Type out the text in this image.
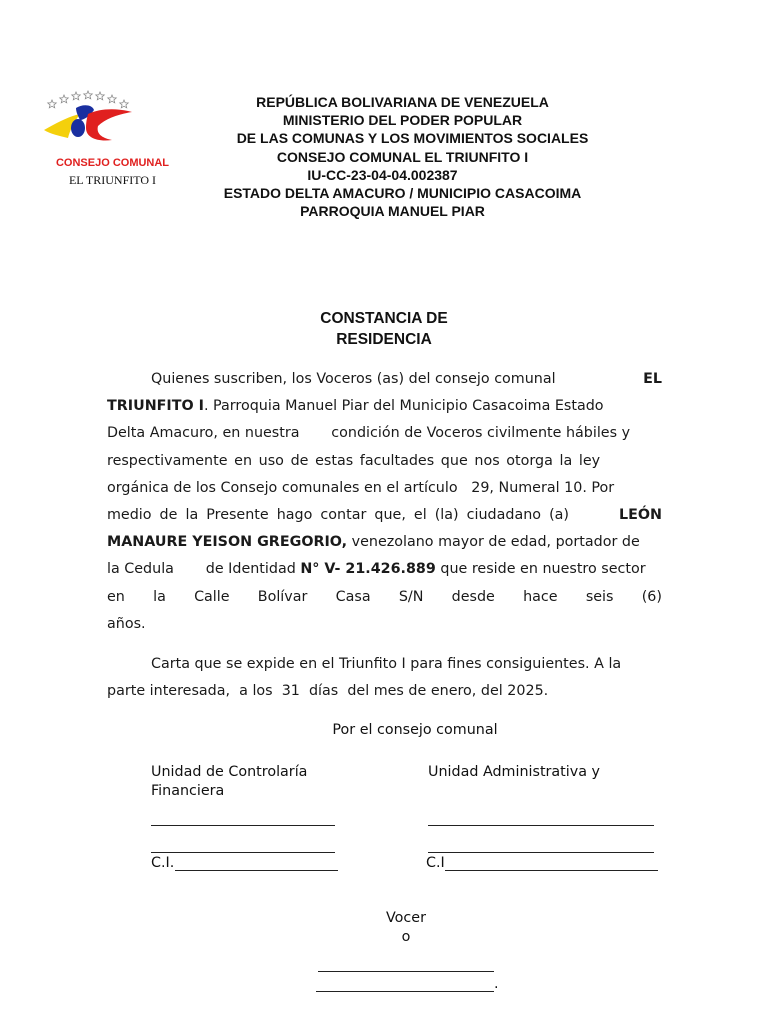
CONSEJO COMUNAL
EL TRIUNFITO I
REPÚBLICA BOLIVARIANA DE VENEZUELA
MINISTERIO DEL PODER POPULAR
DE LAS COMUNAS Y LOS MOVIMIENTOS SOCIALES
CONSEJO COMUNAL EL TRIUNFITO I
IU-CC-23-04-04.002387
ESTADO DELTA AMACURO / MUNICIPIO CASACOIMA
PARROQUIA MANUEL PIAR
CONSTANCIA DE
RESIDENCIA
Quienes suscriben, los Voceros (as) del consejo comunal	EL
TRIUNFITO I. Parroquia Manuel Piar del Municipio Casacoima Estado
Delta Amacuro, en nuestra       condición de Voceros civilmente hábiles y
respectivamente en uso de estas facultades que nos otorga la ley
orgánica de los Consejo comunales en el artículo   29, Numeral 10. Por
medio de la Presente hago contar que, el (la) ciudadano (a)	LEÓN
MANAURE YEISON GREGORIO, venezolano mayor de edad, portador de
la Cedula       de Identidad N° V- 21.426.889 que reside en nuestro sector
en la Calle Bolívar Casa S/N desde hace seis (6)
años.
Carta que se expide en el Triunfito I para fines consiguientes. A la
parte interesada,  a los  31  días  del mes de enero, del 2025.
Por el consejo comunal
Unidad de Controlaría
Financiera
Unidad Administrativa y
C.I.	C.I
Vocer
o
.
